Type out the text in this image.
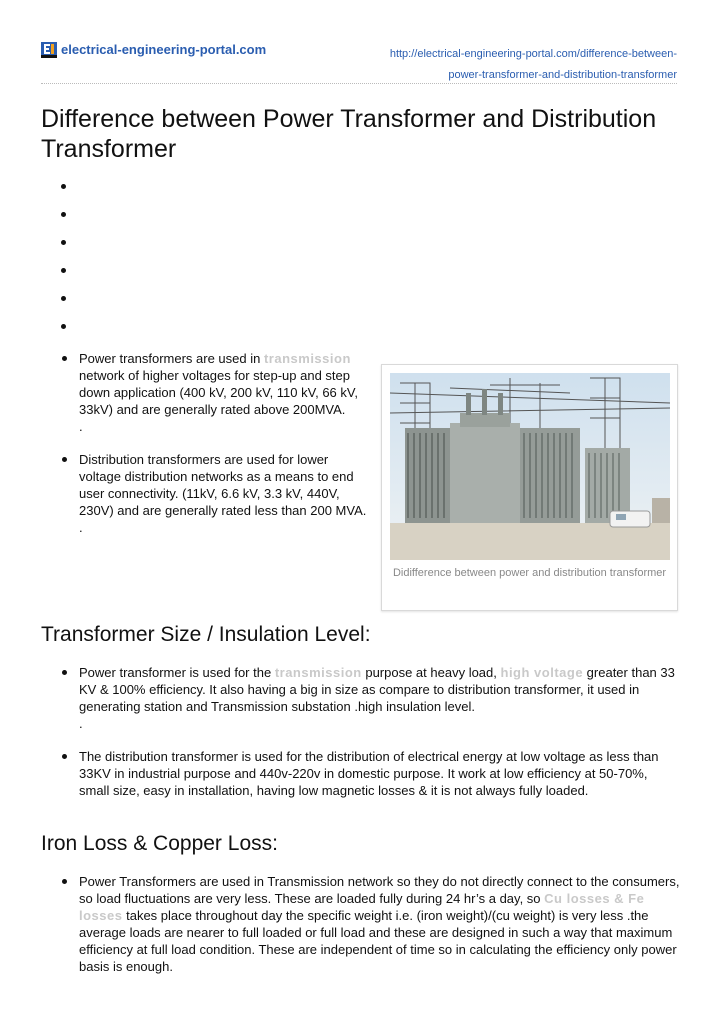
electrical-engineering-portal.com	http://electrical-engineering-portal.com/difference-between-
power-transformer-and-distribution-transformer
Difference between Power Transformer and Distribution Transformer
Power transformers are used in transmission network of higher voltages for step-up and step down application (400 kV, 200 kV, 110 kV, 66 kV, 33kV) and are generally rated above 200MVA.
.
Distribution transformers are used for lower voltage distribution networks as a means to end user connectivity. (11kV, 6.6 kV, 3.3 kV, 440V, 230V) and are generally rated less than 200 MVA.
.
Didifference between power and distribution transformer
Transformer Size / Insulation Level:
Power transformer is used for the transmission purpose at heavy load, high voltage greater than 33 KV & 100% efficiency. It also having a big in size as compare to distribution transformer, it used in generating station and Transmission substation .high insulation level.
.
The distribution transformer is used for the distribution of electrical energy at low voltage as less than 33KV in industrial purpose and 440v-220v in domestic purpose. It work at low efficiency at 50-70%, small size, easy in installation, having low magnetic losses & it is not always fully loaded.
Iron Loss & Copper Loss:
Power Transformers are used in Transmission network so they do not directly connect to the consumers, so load fluctuations are very less. These are loaded fully during 24 hr’s a day, so Cu losses & Fe losses takes place throughout day the specific weight i.e. (iron weight)/(cu weight) is very less .the average loads are nearer to full loaded or full load and these are designed in such a way that maximum efficiency at full load condition. These are independent of time so in calculating the efficiency only power basis is enough.
